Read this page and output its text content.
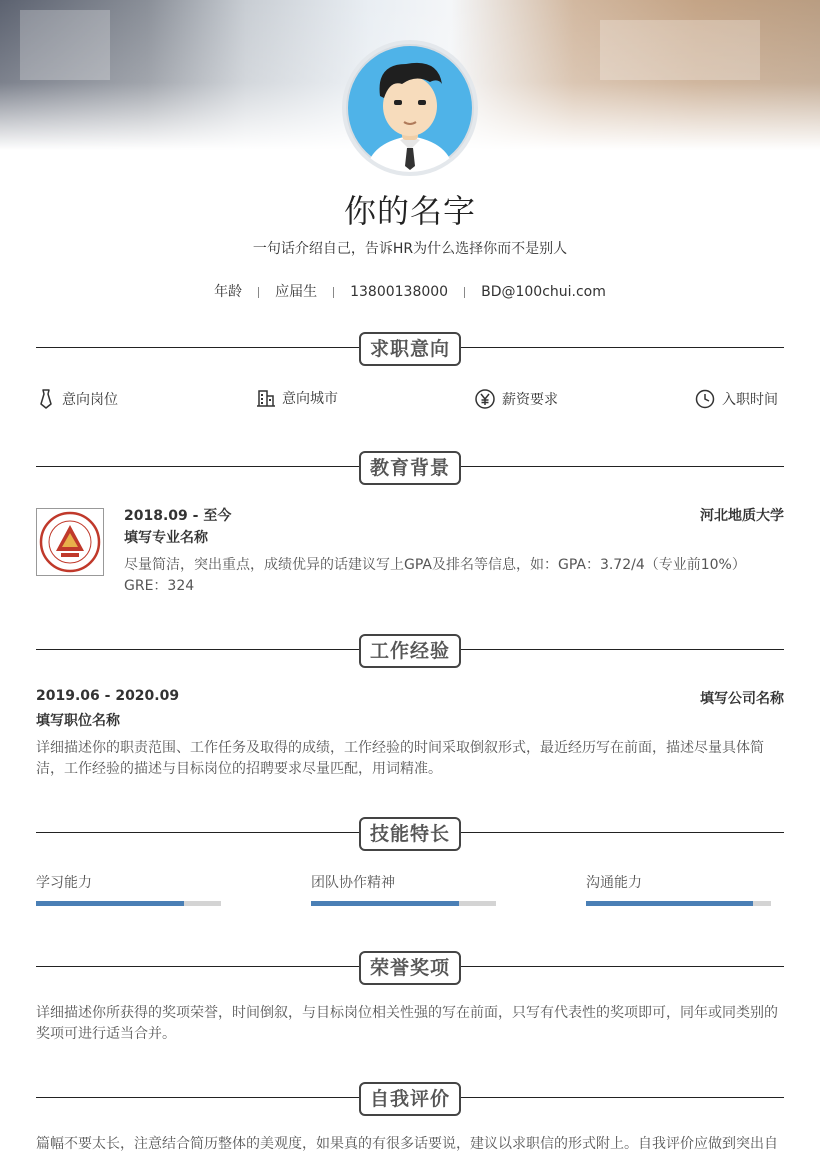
你的名字
一句话介绍自己，告诉HR为什么选择你而不是别人
年龄 应届生 13800138000 BD@100chui.com
求职意向
意向岗位	意向城市	薪资要求	入职时间
教育背景
2018.09 - 至今	河北地质大学
填写专业名称
尽量简洁，突出重点，成绩优异的话建议写上GPA及排名等信息，如：GPA：3.72/4（专业前10%） GRE：324
工作经验
2019.06 - 2020.09	填写公司名称
填写职位名称
详细描述你的职责范围、工作任务及取得的成绩，工作经验的时间采取倒叙形式，最近经历写在前面，描述尽量具体简洁，工作经验的描述与目标岗位的招聘要求尽量匹配，用词精准。
技能特长
学习能力	团队协作精神	沟通能力
荣誉奖项
详细描述你所获得的奖项荣誉，时间倒叙，与目标岗位相关性强的写在前面，只写有代表性的奖项即可，同年或同类别的奖项可进行适当合并。
自我评价
篇幅不要太长，注意结合简历整体的美观度，如果真的有很多话要说，建议以求职信的形式附上。自我评价应做到突出自
